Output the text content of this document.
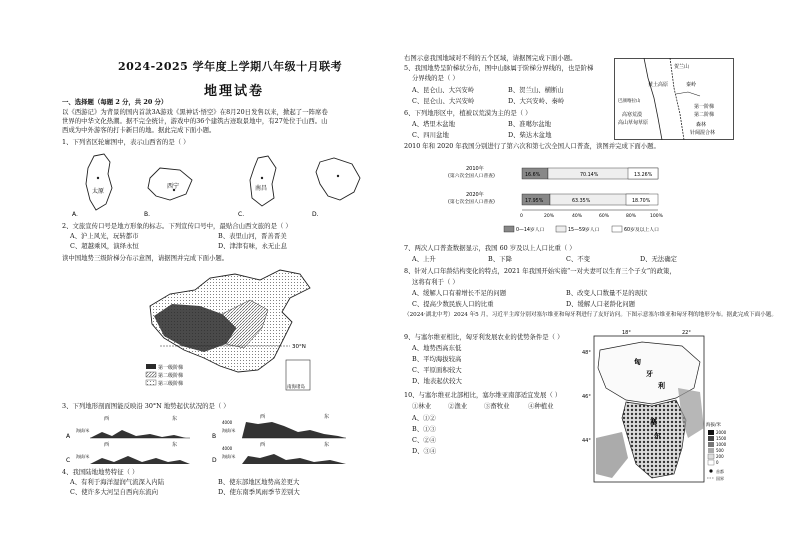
2024-2025 学年度上学期八年级十月联考
地理试卷
一、选择题（每题 2 分，共 20 分）
以《西游记》为背景的国内首款3A游戏《黑神话·悟空》在8月20日发售以来，掀起了一阵席卷
世界的中华文化热潮。据不完全统计，游戏中的36个建筑古迹取景地中，有27处位于山西。山
西成为中外游客的打卡新目的地。据此完成下面小题。
1、下列省区轮廓图中，表示山西省的是（ ）
太原
西宁	南昌
A.	B.	C.	D.
2、文旅宣传口号是地方形象的标志。下列宣传口号中，最贴合山西文旅的是（ ）
A、沪上风光，玩转都市	B、表里山河，晋善晋美
C、超越乘风，演绎永恒	D、津津有味，永无止息
读中国地势三级阶梯分布示意图，请据图并完成下面小题。
30°N
南海诸岛
第一级阶梯
第二级阶梯
第三级阶梯
3、下列地形剖面图能反映沿 30°N 地势起伏状况的是（ ）
A
海拔/米
西	东
B
海拔/米
4000
西	东
C
海拔/米
西	东
D
海拔/米
4000
西	东
4、我国陆地地势特征（ ）
A、有利于海洋湿润气流深入内陆	B、使东部地区地势高差更大
C、使许多大河呈自西向东流向	D、使东南季风雨季节差别大
右图示意我国地域对不利的五个区域，请据图完成下面小题。
5、我国地势呈阶梯状分布，图中山脉属于阶梯分界线的，也是阶梯
分界线的是（ ）
A、昆仑山、大兴安岭	B、贺兰山、横断山
C、昆仑山、大兴安岭	D、大兴安岭、秦岭
6、下列地形区中，植被以荒漠为主的是（ ）
A、塔里木盆地	B、准噶尔盆地
C、四川盆地	D、柴达木盆地
贺兰山
黄土高原	秦岭
巴颜喀拉山
高寒荒漠
高山草甸草原
第一阶梯
第二阶梯
森林
针阔混合林
2010 年和 2020 年我国分别进行了第六次和第七次全国人口普查，读图并完成下面小题。
2010年
(第六次全国人口普查)	16.6%	70.14%	13.26%
2020年
(第七次全国人口普查)	17.95%	63.35%	18.70%
0	20%	40%	60%	80%	100%
0—14岁人口	15—59岁人口	60岁及以上人口
7、两次人口普查数据显示，我国 60 岁及以上人口比重（ ）
A、上升	B、下降	C、不变	D、无法确定
8、针对人口年龄结构变化的特点，2021 年我国开始实施“一对夫妻可以生育三个子女”的政策，
这将有利于（ ）
A、缓解人口有着增长不足的问题	B、改变人口数量不足的现状
C、提高少数民族人口的比重	D、缓解人口老龄化问题
（2024·湖北中考）2024 年5 月，习近平主席分别对塞尔维亚和匈牙利进行了友好访问。下图示意塞尔维亚和匈牙利的地形分布。据此完成下面小题。
9、与塞尔维亚相比，匈牙利发展农业的优势条件是（ ）
A、地势西高东低
B、平均海拔较高
C、平原面积较大
D、地表起伏较大
10、与塞尔维亚北部相比，塞尔维亚南部适宜发展（ ）
①林业	②渔业	③畜牧业	④种植业
A、①②
B、①③
C、②④
D、③④
匈
牙
利
塞
尔
18°	22°
48°
46°
44°
海拔/米
2000
1500
1000
500
200
0
首都
国界
